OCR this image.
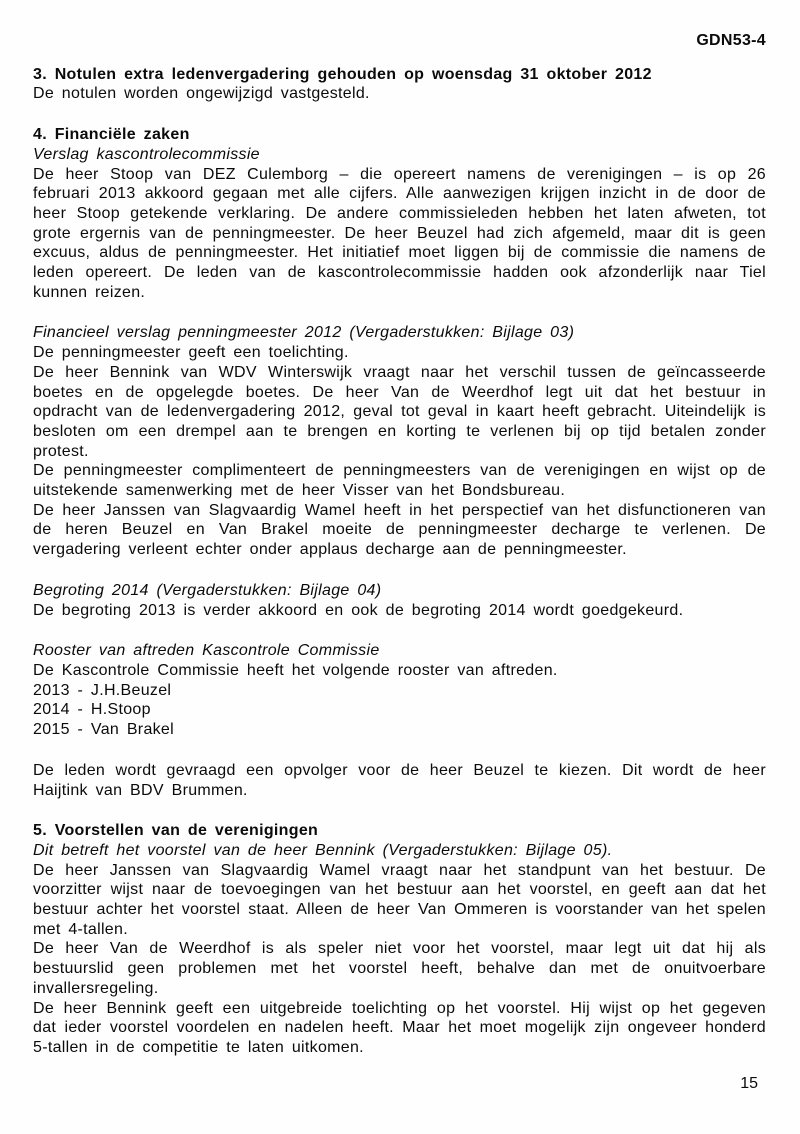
GDN53-4

3. Notulen extra ledenvergadering gehouden op woensdag 31 oktober 2012

De notulen worden ongewijzigd vastgesteld.

4. Financiële zaken

Verslag kascontrolecommissie

De heer Stoop van DEZ Culemborg – die opereert namens de verenigingen – is op 26 februari 2013 akkoord gegaan met alle cijfers. Alle aanwezigen krijgen inzicht in de door de heer Stoop getekende verklaring. De andere commissieleden hebben het laten afweten, tot grote ergernis van de penningmeester. De heer Beuzel had zich afgemeld, maar dit is geen excuus, aldus de penningmeester. Het initiatief moet liggen bij de commissie die namens de leden opereert. De leden van de kascontrolecommissie hadden ook afzonderlijk naar Tiel kunnen reizen.

Financieel verslag penningmeester 2012 (Vergaderstukken: Bijlage 03)

De penningmeester geeft een toelichting.

De heer Bennink van WDV Winterswijk vraagt naar het verschil tussen de geïncasseerde boetes en de opgelegde boetes. De heer Van de Weerdhof legt uit dat het bestuur in opdracht van de ledenvergadering 2012, geval tot geval in kaart heeft gebracht. Uiteindelijk is besloten om een drempel aan te brengen en korting te verlenen bij op tijd betalen zonder protest.

De penningmeester complimenteert de penningmeesters van de verenigingen en wijst op de uitstekende samenwerking met de heer Visser van het Bondsbureau.

De heer Janssen van Slagvaardig Wamel heeft in het perspectief van het disfunctioneren van de heren Beuzel en Van Brakel moeite de penningmeester decharge te verlenen. De vergadering verleent echter onder applaus decharge aan de penningmeester.

Begroting 2014 (Vergaderstukken: Bijlage 04)

De begroting 2013 is verder akkoord en ook de begroting 2014 wordt goedgekeurd.

Rooster van aftreden Kascontrole Commissie

De Kascontrole Commissie heeft het volgende rooster van aftreden.

2013 - J.H.Beuzel

2014 - H.Stoop

2015 - Van Brakel

De leden wordt gevraagd een opvolger voor de heer Beuzel te kiezen. Dit wordt de heer Haijtink van BDV Brummen.

5. Voorstellen van de verenigingen

Dit betreft het voorstel van de heer Bennink (Vergaderstukken: Bijlage 05).

De heer Janssen van Slagvaardig Wamel vraagt naar het standpunt van het bestuur. De voorzitter wijst naar de toevoegingen van het bestuur aan het voorstel, en geeft aan dat het bestuur achter het voorstel staat. Alleen de heer Van Ommeren is voorstander van het spelen met 4-tallen.

De heer Van de Weerdhof is als speler niet voor het voorstel, maar legt uit dat hij als bestuurslid geen problemen met het voorstel heeft, behalve dan met de onuitvoerbare invallersregeling.

De heer Bennink geeft een uitgebreide toelichting op het voorstel. Hij wijst op het gegeven dat ieder voorstel voordelen en nadelen heeft. Maar het moet mogelijk zijn ongeveer honderd 5-tallen in de competitie te laten uitkomen.

15
